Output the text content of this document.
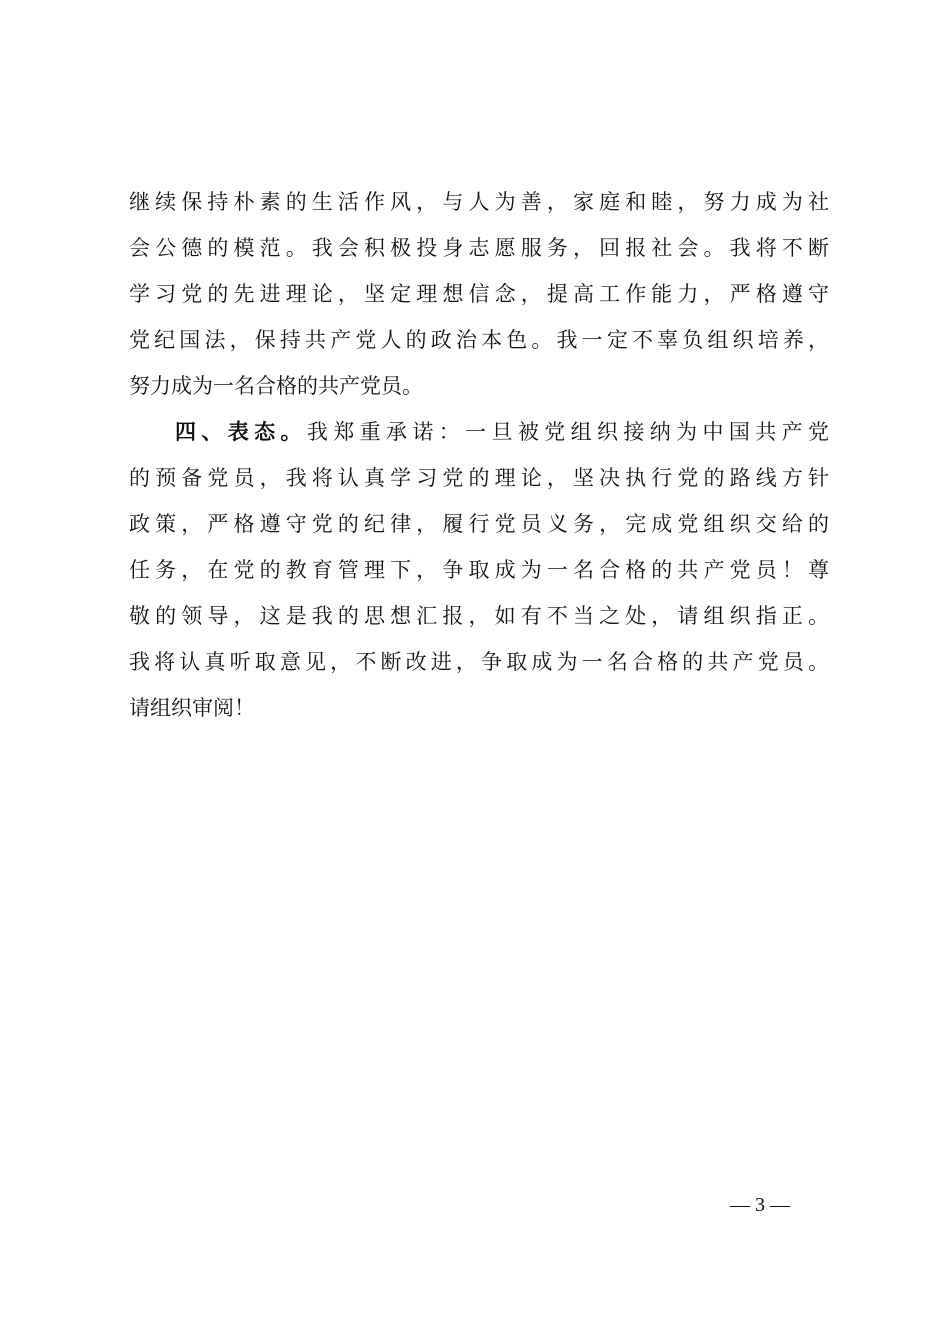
继续保持朴素的生活作风，与人为善，家庭和睦，努力成为社
会公德的模范。我会积极投身志愿服务，回报社会。我将不断
学习党的先进理论，坚定理想信念，提高工作能力，严格遵守
党纪国法，保持共产党人的政治本色。我一定不辜负组织培养，
努力成为一名合格的共产党员。
四、表态。我郑重承诺：一旦被党组织接纳为中国共产党
的预备党员，我将认真学习党的理论，坚决执行党的路线方针
政策，严格遵守党的纪律，履行党员义务，完成党组织交给的
任务，在党的教育管理下，争取成为一名合格的共产党员！尊
敬的领导，这是我的思想汇报，如有不当之处，请组织指正。
我将认真听取意见，不断改进，争取成为一名合格的共产党员。
请组织审阅！
— 3 —
